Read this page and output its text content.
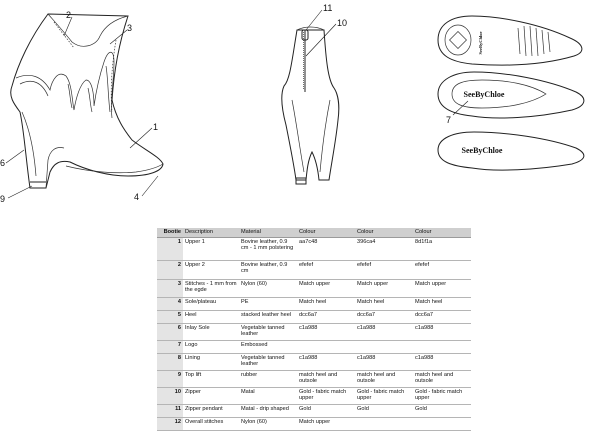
2
3
1
4
6
9
11
10
SeeByChloe
SeeByChloe
7
SeeByChloe
Bootie	Description	Material	Colour	Colour	Colour
1	Upper 1	Bovine leather, 0.9 cm - 1 mm polstering	aa7c48	396ca4	8d1f1a
2	Upper 2	Bovine leather, 0.9 cm	efefef	efefef	efefef
3	Stitches - 1 mm from the egde	Nylon (60)	Match upper	Match upper	Match upper
4	Sole/plateau	PE	Match heel	Match heel	Match heel
5	Heel	stacked leather heel	dcc6a7	dcc6a7	dcc6a7
6	Inlay Sole	Vegetable tanned leather	c1a988	c1a988	c1a988
7	Logo	Embossed			
8	Lining	Vegetable tanned leather	c1a988	c1a988	c1a988
9	Top lift	rubber	match heel and outsole	match heel and outsole	match heel and outsole
10	Zipper	Matal	Gold - fabric match upper	Gold - fabric match upper	Gold - fabric match upper
11	Zipper pendant	Matal - drip shaped	Gold	Gold	Gold
12	Overall stitches	Nylon (60)	Match upper		
